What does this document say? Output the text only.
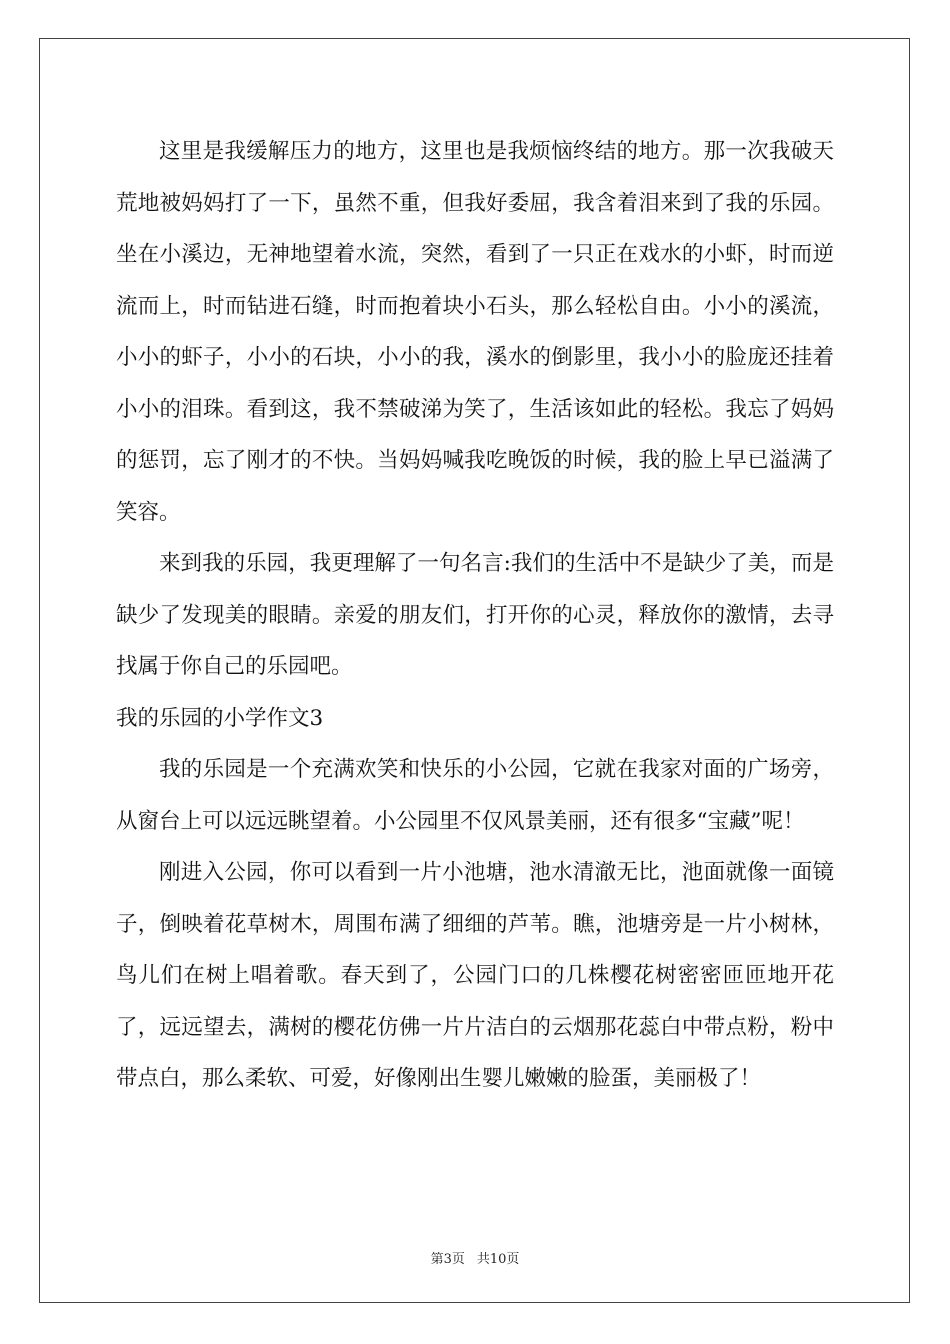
这里是我缓解压力的地方，这里也是我烦恼终结的地方。那一次我破天荒地被妈妈打了一下，虽然不重，但我好委屈，我含着泪来到了我的乐园。坐在小溪边，无神地望着水流，突然，看到了一只正在戏水的小虾，时而逆流而上，时而钻进石缝，时而抱着块小石头，那么轻松自由。小小的溪流，小小的虾子，小小的石块，小小的我，溪水的倒影里，我小小的脸庞还挂着小小的泪珠。看到这，我不禁破涕为笑了，生活该如此的轻松。我忘了妈妈的惩罚，忘了刚才的不快。当妈妈喊我吃晚饭的时候，我的脸上早已溢满了笑容。

来到我的乐园，我更理解了一句名言:我们的生活中不是缺少了美，而是缺少了发现美的眼睛。亲爱的朋友们，打开你的心灵，释放你的激情，去寻找属于你自己的乐园吧。

我的乐园的小学作文3

我的乐园是一个充满欢笑和快乐的小公园，它就在我家对面的广场旁，从窗台上可以远远眺望着。小公园里不仅风景美丽，还有很多“宝藏”呢！

刚进入公园，你可以看到一片小池塘，池水清澈无比，池面就像一面镜子，倒映着花草树木，周围布满了细细的芦苇。瞧，池塘旁是一片小树林，鸟儿们在树上唱着歌。春天到了，公园门口的几株樱花树密密匝匝地开花了，远远望去，满树的樱花仿佛一片片洁白的云烟那花蕊白中带点粉，粉中带点白，那么柔软、可爱，好像刚出生婴儿嫩嫩的脸蛋，美丽极了！

第3页 共10页
